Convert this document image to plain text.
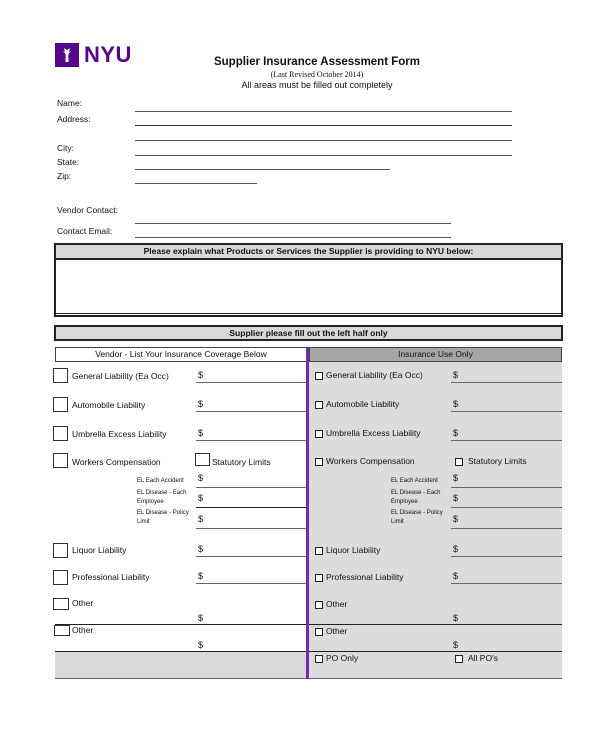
NYU	Supplier Insurance Assessment Form
(Last Revised October 2014)
All areas must be filled out completely
Name:
Address:
City:
State:
Zip:
Vendor Contact:
Contact Email:
Please explain what Products or Services the Supplier is providing to NYU below:
Supplier please fill out the left half only
Vendor - List Your Insurance Coverage Below	Insurance Use Only
General Liability (Ea Occ)	$
Automobile Liability	$
Umbrella Excess Liability	$
Workers Compensation	Statutory Limits
EL Each Accident	$
EL Disease - Each Employee	$
EL Disease - Policy Limit	$
Liquor Liability	$
Professional Liability	$
Other
$
Other
$
General Liability (Ea Occ)	$
Automobile Liability	$
Umbrella Excess Liability	$
Workers Compensation	Statutory Limits
EL Each Accident	$
EL Disease - Each Employee	$
EL Disease - Policy Limit	$
Liquor Liability	$
Professional Liability	$
Other
$
Other
$
PO Only	All PO's
